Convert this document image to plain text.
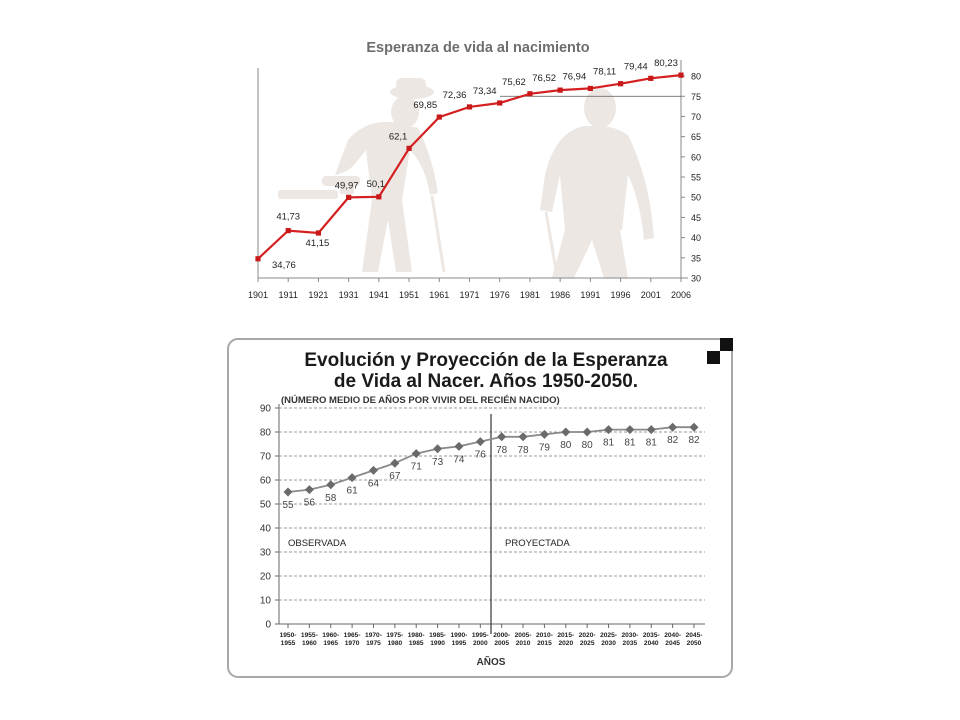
30
35
40
45
50
55
60
65
70
75
80
1901 1911 1921 1931 1941 1951 1961 1971 1976 1981 1986 1991 1996 2001 2006
34,76
41,73
41,15
49,97 50,1
62,1
69,85
72,36 73,34
75,62 76,52 76,94 78,11 79,44 80,23
Esperanza de vida al nacimiento
Evolución y Proyección de la Esperanza
de Vida al Nacer. Años 1950-2050.
(NÚMERO MEDIO DE AÑOS POR VIVIR DEL RECIÉN NACIDO)
0
10
20
30
40
50
60
70
80
90
1950-1955
1955-1960
1960-1965
1965-1970
1970-1975
1975-1980
1980-1985
1985-1990
1990-1995
1995-2000
2000-2005
2005-2010
2010-2015
2015-2020
2020-2025
2025-2030
2030-2035
2035-2040
2040-2045
2045-2050
55 56 58
61
64
67
71 73 74 76 78 78 79 80 80 81 81 81 82 82
OBSERVADA	PROYECTADA
AÑOS
